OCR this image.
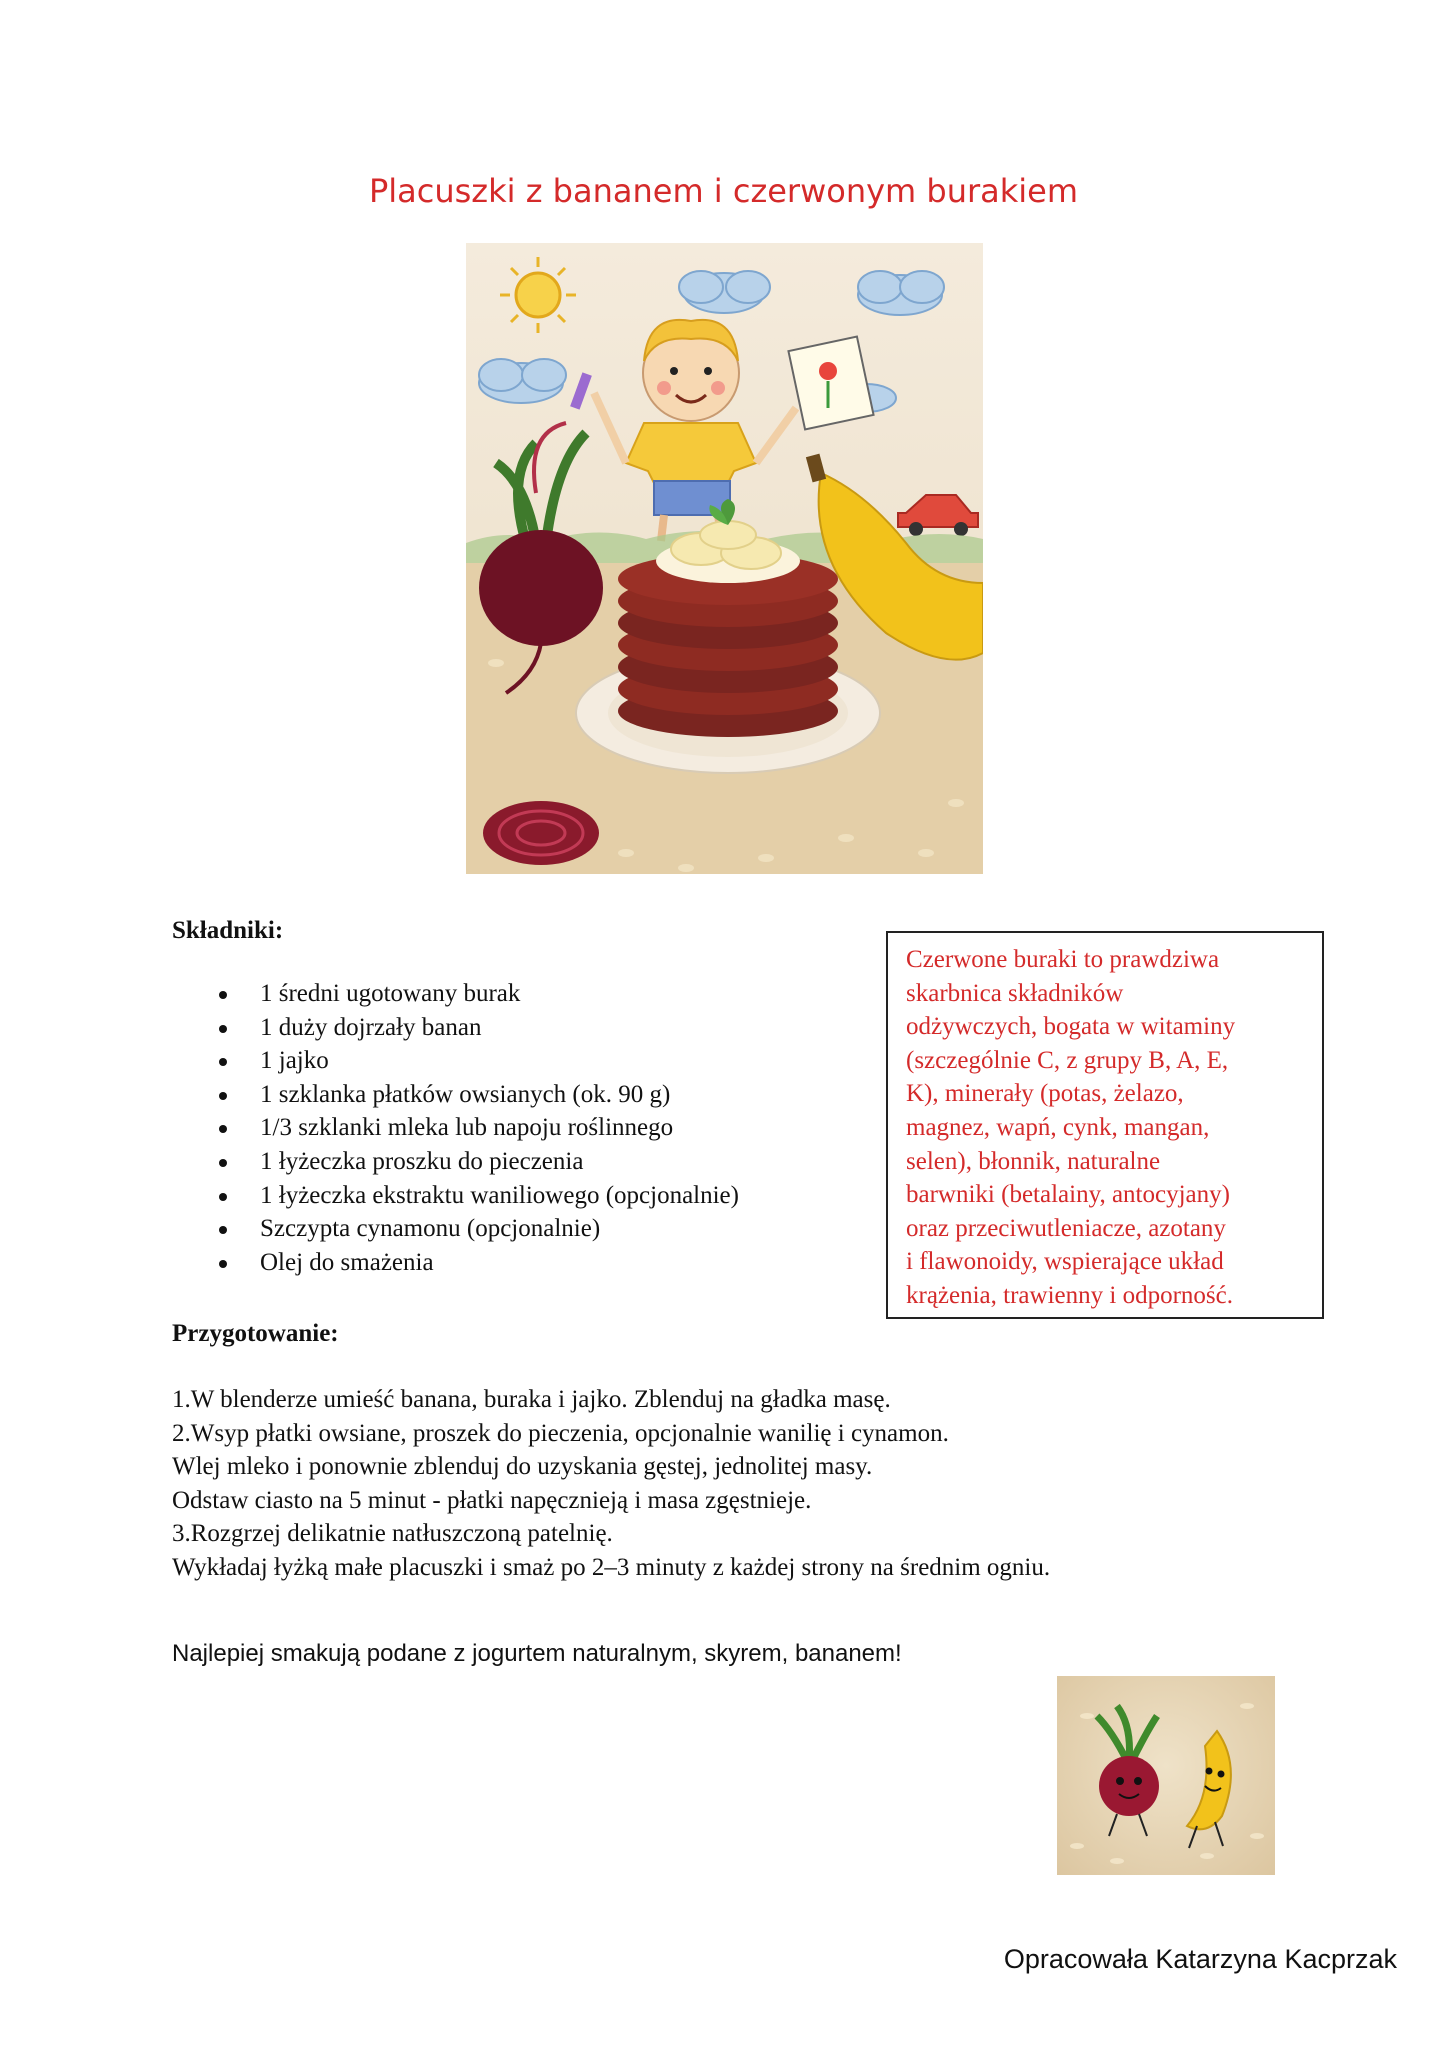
Placuszki z bananem i czerwonym burakiem
Składniki:
1 średni ugotowany burak
1 duży dojrzały banan
1 jajko
1 szklanka płatków owsianych (ok. 90 g)
1/3 szklanki mleka lub napoju roślinnego
1 łyżeczka proszku do pieczenia
1 łyżeczka ekstraktu waniliowego (opcjonalnie)
Szczypta cynamonu (opcjonalnie)
Olej do smażenia

Czerwone buraki to prawdziwa
skarbnica składników
odżywczych, bogata w witaminy
(szczególnie C, z grupy B, A, E,
K), minerały (potas, żelazo,
magnez, wapń, cynk, mangan,
selen), błonnik, naturalne
barwniki (betalainy, antocyjany)
oraz przeciwutleniacze, azotany
i flawonoidy, wspierające układ
krążenia, trawienny i odporność.

Przygotowanie:
1.W blenderze umieść banana, buraka i jajko. Zblenduj na gładka masę.
2.Wsyp płatki owsiane, proszek do pieczenia, opcjonalnie wanilię i cynamon.
Wlej mleko i ponownie zblenduj do uzyskania gęstej, jednolitej masy.
Odstaw ciasto na 5 minut - płatki napęcznieją i masa zgęstnieje.
3.Rozgrzej delikatnie natłuszczoną patelnię.
Wykładaj łyżką małe placuszki i smaż po 2–3 minuty z każdej strony na średnim ogniu.
Najlepiej smakują podane z jogurtem naturalnym, skyrem, bananem!
Opracowała Katarzyna Kacprzak
